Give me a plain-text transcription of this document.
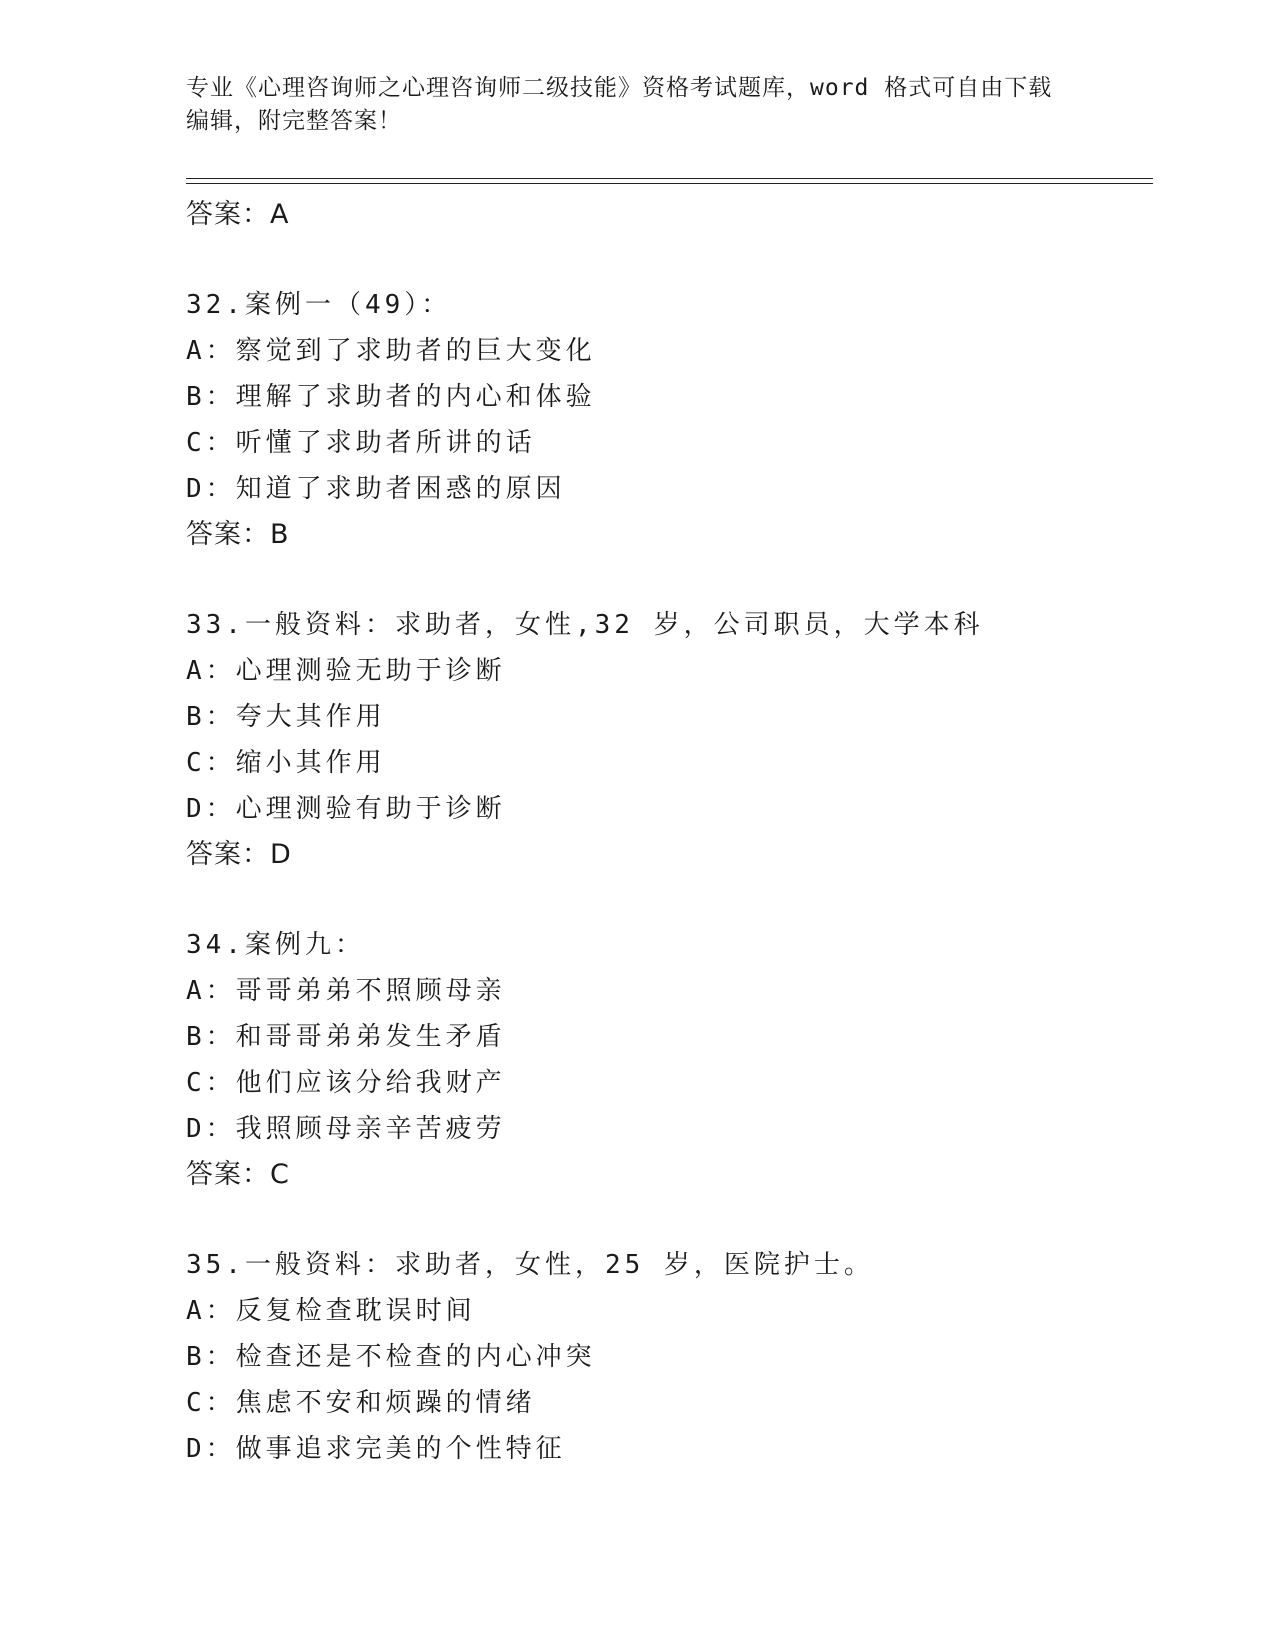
专业《心理咨询师之心理咨询师二级技能》资格考试题库，word 格式可自由下载
编辑，附完整答案！
答案：A
32.案例一（49）：
A：察觉到了求助者的巨大变化
B：理解了求助者的内心和体验
C：听懂了求助者所讲的话
D：知道了求助者困惑的原因
答案：B
33.一般资料：求助者，女性,32 岁，公司职员，大学本科
A：心理测验无助于诊断
B：夸大其作用
C：缩小其作用
D：心理测验有助于诊断
答案：D
34.案例九：
A：哥哥弟弟不照顾母亲
B：和哥哥弟弟发生矛盾
C：他们应该分给我财产
D：我照顾母亲辛苦疲劳
答案：C
35.一般资料：求助者，女性，25 岁，医院护士。
A：反复检查耽误时间
B：检查还是不检查的内心冲突
C：焦虑不安和烦躁的情绪
D：做事追求完美的个性特征
